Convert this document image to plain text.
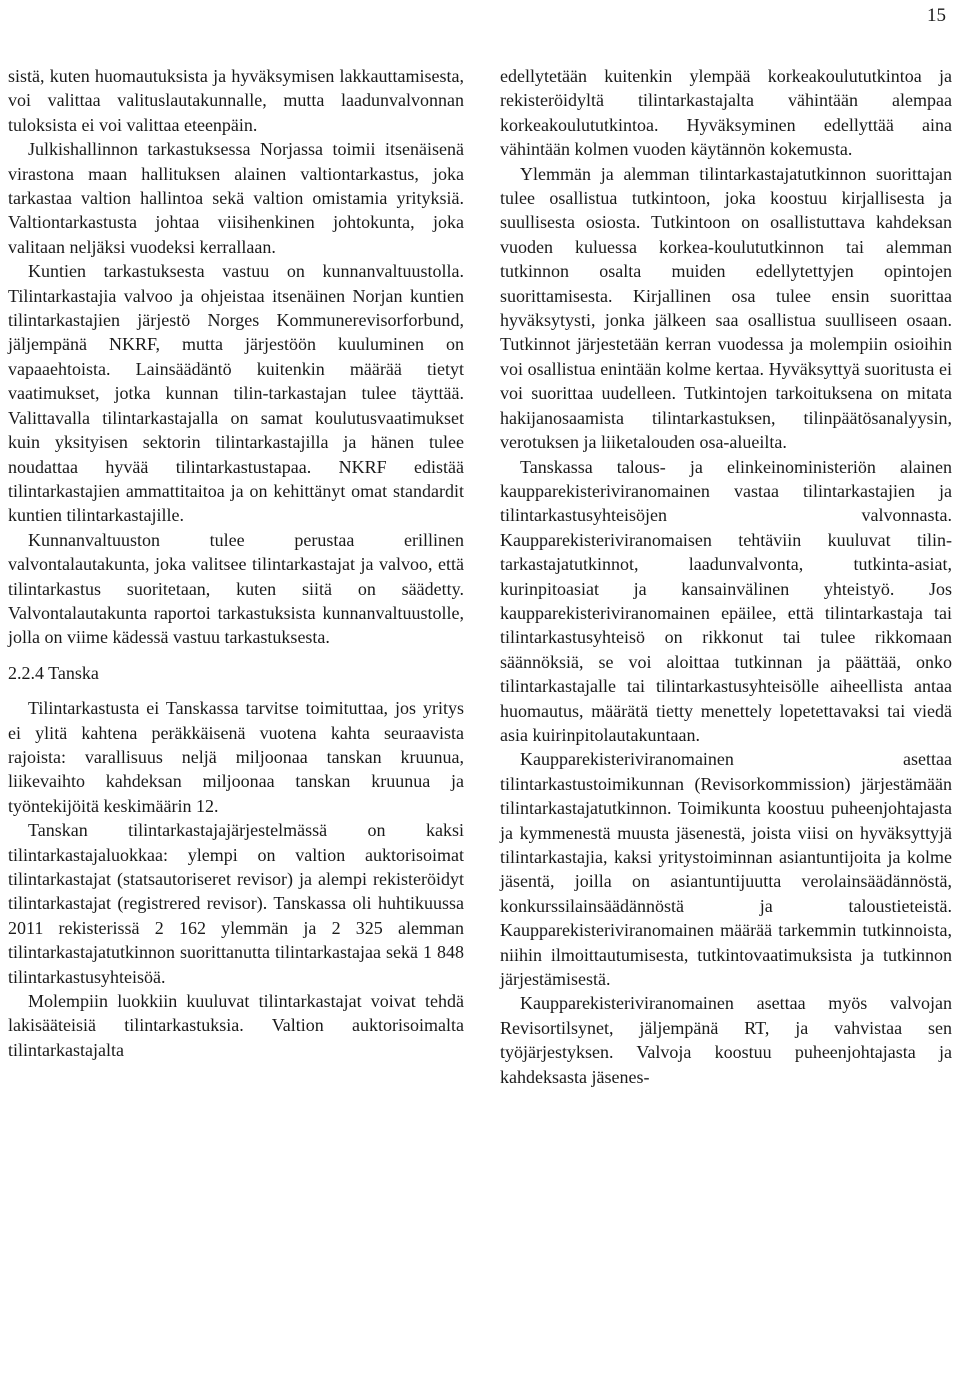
15

sistä, kuten huomautuksista ja hyväksymisen lakkauttamisesta, voi valittaa valituslautakunnalle, mutta laadunvalvonnan tuloksista ei voi valittaa eteenpäin.

Julkishallinnon tarkastuksessa Norjassa toimii itsenäisenä virastona maan hallituksen alainen valtiontarkastus, joka tarkastaa valtion hallintoa sekä valtion omistamia yrityksiä. Valtiontarkastusta johtaa viisihenkinen johtokunta, joka valitaan neljäksi vuodeksi kerrallaan.

Kuntien tarkastuksesta vastuu on kunnanvaltuustolla. Tilintarkastajia valvoo ja ohjeistaa itsenäinen Norjan kuntien tilintarkastajien järjestö Norges Kommunerevisorforbund, jäljempänä NKRF, mutta järjestöön kuuluminen on vapaaehtoista. Lainsäädäntö kuitenkin määrää tietyt vaatimukset, jotka kunnan tilin-tarkastajan tulee täyttää. Valittavalla tilintarkastajalla on samat koulutusvaatimukset kuin yksityisen sektorin tilintarkastajilla ja hänen tulee noudattaa hyvää tilintarkastustapaa. NKRF edistää tilintarkastajien ammattitaitoa ja on kehittänyt omat standardit kuntien tilintarkastajille.

Kunnanvaltuuston tulee perustaa erillinen valvontalautakunta, joka valitsee tilintarkastajat ja valvoo, että tilintarkastus suoritetaan, kuten siitä on säädetty. Valvontalautakunta raportoi tarkastuksista kunnanvaltuustolle, jolla on viime kädessä vastuu tarkastuksesta.

2.2.4 Tanska

Tilintarkastusta ei Tanskassa tarvitse toimituttaa, jos yritys ei ylitä kahtena peräkkäisenä vuotena kahta seuraavista rajoista: varallisuus neljä miljoonaa tanskan kruunua, liikevaihto kahdeksan miljoonaa tanskan kruunua ja työntekijöitä keskimäärin 12.

Tanskan tilintarkastajajärjestelmässä on kaksi tilintarkastajaluokkaa: ylempi on valtion auktorisoimat tilintarkastajat (statsautoriseret revisor) ja alempi rekisteröidyt tilintarkastajat (registrered revisor). Tanskassa oli huhtikuussa 2011 rekisterissä 2 162 ylemmän ja 2 325 alemman tilintarkastajatutkinnon suorittanutta tilintarkastajaa sekä 1 848 tilintarkastusyhteisöä.

Molempiin luokkiin kuuluvat tilintarkastajat voivat tehdä lakisääteisiä tilintarkastuksia. Valtion auktorisoimalta tilintarkastajalta

edellytetään kuitenkin ylempää korkeakoulututkintoa ja rekisteröidyltä tilintarkastajalta vähintään alempaa korkeakoulututkintoa. Hyväksyminen edellyttää aina vähintään kolmen vuoden käytännön kokemusta.

Ylemmän ja alemman tilintarkastajatutkinnon suorittajan tulee osallistua tutkintoon, joka koostuu kirjallisesta ja suullisesta osiosta. Tutkintoon on osallistuttava kahdeksan vuoden kuluessa korkea-koulututkinnon tai alemman tutkinnon osalta muiden edellytettyjen opintojen suorittamisesta. Kirjallinen osa tulee ensin suorittaa hyväksytysti, jonka jälkeen saa osallistua suulliseen osaan. Tutkinnot järjestetään kerran vuodessa ja molempiin osioihin voi osallistua enintään kolme kertaa. Hyväksyttyä suoritusta ei voi suorittaa uudelleen. Tutkintojen tarkoituksena on mitata hakijanosaamista tilintarkastuksen, tilinpäätösanalyysin, verotuksen ja liiketalouden osa-alueilta.

Tanskassa talous- ja elinkeinoministeriön alainen kaupparekisteriviranomainen vastaa tilintarkastajien ja tilintarkastusyhteisöjen valvonnasta. Kaupparekisteriviranomaisen tehtäviin kuuluvat tilin-tarkastajatutkinnot, laadunvalvonta, tutkinta-asiat, kurinpitoasiat ja kansainvälinen yhteistyö. Jos kaupparekisteriviranomainen epäilee, että tilintarkastaja tai tilintarkastusyhteisö on rikkonut tai tulee rikkomaan säännöksiä, se voi aloittaa tutkinnan ja päättää, onko tilintarkastajalle tai tilintarkastusyhteisölle aiheellista antaa huomautus, määrätä tietty menettely lopetettavaksi tai viedä asia kuirinpitolautakuntaan.

Kaupparekisteriviranomainen asettaa tilintarkastustoimikunnan (Revisorkommission) järjestämään tilintarkastajatutkinnon. Toimikunta koostuu puheenjohtajasta ja kymmenestä muusta jäsenestä, joista viisi on hyväksyttyjä tilintarkastajia, kaksi yritystoiminnan asiantuntijoita ja kolme jäsentä, joilla on asiantuntijuutta verolainsäädännöstä, konkurssilainsäädännöstä ja taloustieteistä. Kaupparekisteriviranomainen määrää tarkemmin tutkinnoista, niihin ilmoittautumisesta, tutkintovaatimuksista ja tutkinnon järjestämisestä.

Kaupparekisteriviranomainen asettaa myös valvojan Revisortilsynet, jäljempänä RT, ja vahvistaa sen työjärjestyksen. Valvoja koostuu puheenjohtajasta ja kahdeksasta jäsenes-
